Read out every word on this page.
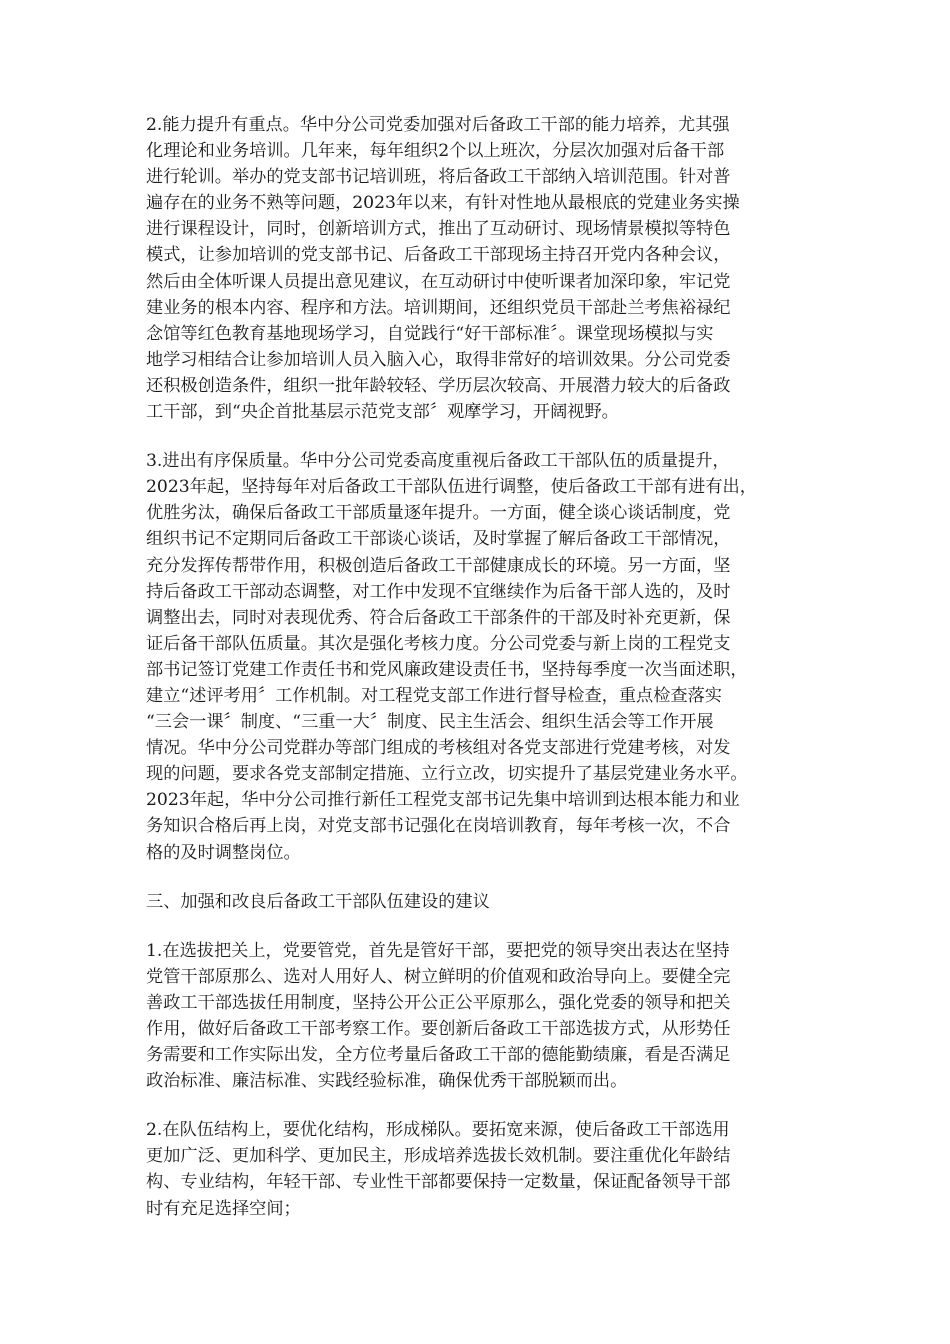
2.能力提升有重点。华中分公司党委加强对后备政工干部的能力培养，尤其强
化理论和业务培训。几年来，每年组织2个以上班次，分层次加强对后备干部
进行轮训。举办的党支部书记培训班，将后备政工干部纳入培训范围。针对普
遍存在的业务不熟等问题，2023年以来，有针对性地从最根底的党建业务实操
进行课程设计，同时，创新培训方式，推出了互动研讨、现场情景模拟等特色
模式，让参加培训的党支部书记、后备政工干部现场主持召开党内各种会议，
然后由全体听课人员提出意见建议，在互动研讨中使听课者加深印象，牢记党
建业务的根本内容、程序和方法。培训期间，还组织党员干部赴兰考焦裕禄纪
念馆等红色教育基地现场学习，自觉践行“好干部标准〞。课堂现场模拟与实
地学习相结合让参加培训人员入脑入心，取得非常好的培训效果。分公司党委
还积极创造条件，组织一批年龄较轻、学历层次较高、开展潜力较大的后备政
工干部，到“央企首批基层示范党支部〞观摩学习，开阔视野。

3.进出有序保质量。华中分公司党委高度重视后备政工干部队伍的质量提升，
2023年起，坚持每年对后备政工干部队伍进行调整，使后备政工干部有进有出，
优胜劣汰，确保后备政工干部质量逐年提升。一方面，健全谈心谈话制度，党
组织书记不定期同后备政工干部谈心谈话，及时掌握了解后备政工干部情况，
充分发挥传帮带作用，积极创造后备政工干部健康成长的环境。另一方面，坚
持后备政工干部动态调整，对工作中发现不宜继续作为后备干部人选的，及时
调整出去，同时对表现优秀、符合后备政工干部条件的干部及时补充更新，保
证后备干部队伍质量。其次是强化考核力度。分公司党委与新上岗的工程党支
部书记签订党建工作责任书和党风廉政建设责任书，坚持每季度一次当面述职，
建立“述评考用〞工作机制。对工程党支部工作进行督导检查，重点检查落实
“三会一课〞制度、“三重一大〞制度、民主生活会、组织生活会等工作开展
情况。华中分公司党群办等部门组成的考核组对各党支部进行党建考核，对发
现的问题，要求各党支部制定措施、立行立改，切实提升了基层党建业务水平。
2023年起，华中分公司推行新任工程党支部书记先集中培训到达根本能力和业
务知识合格后再上岗，对党支部书记强化在岗培训教育，每年考核一次，不合
格的及时调整岗位。

三、加强和改良后备政工干部队伍建设的建议

1.在选拔把关上，党要管党，首先是管好干部，要把党的领导突出表达在坚持
党管干部原那么、选对人用好人、树立鲜明的价值观和政治导向上。要健全完
善政工干部选拔任用制度，坚持公开公正公平原那么，强化党委的领导和把关
作用，做好后备政工干部考察工作。要创新后备政工干部选拔方式，从形势任
务需要和工作实际出发，全方位考量后备政工干部的德能勤绩廉，看是否满足
政治标准、廉洁标准、实践经验标准，确保优秀干部脱颖而出。

2.在队伍结构上，要优化结构，形成梯队。要拓宽来源，使后备政工干部选用
更加广泛、更加科学、更加民主，形成培养选拔长效机制。要注重优化年龄结
构、专业结构，年轻干部、专业性干部都要保持一定数量，保证配备领导干部
时有充足选择空间；
